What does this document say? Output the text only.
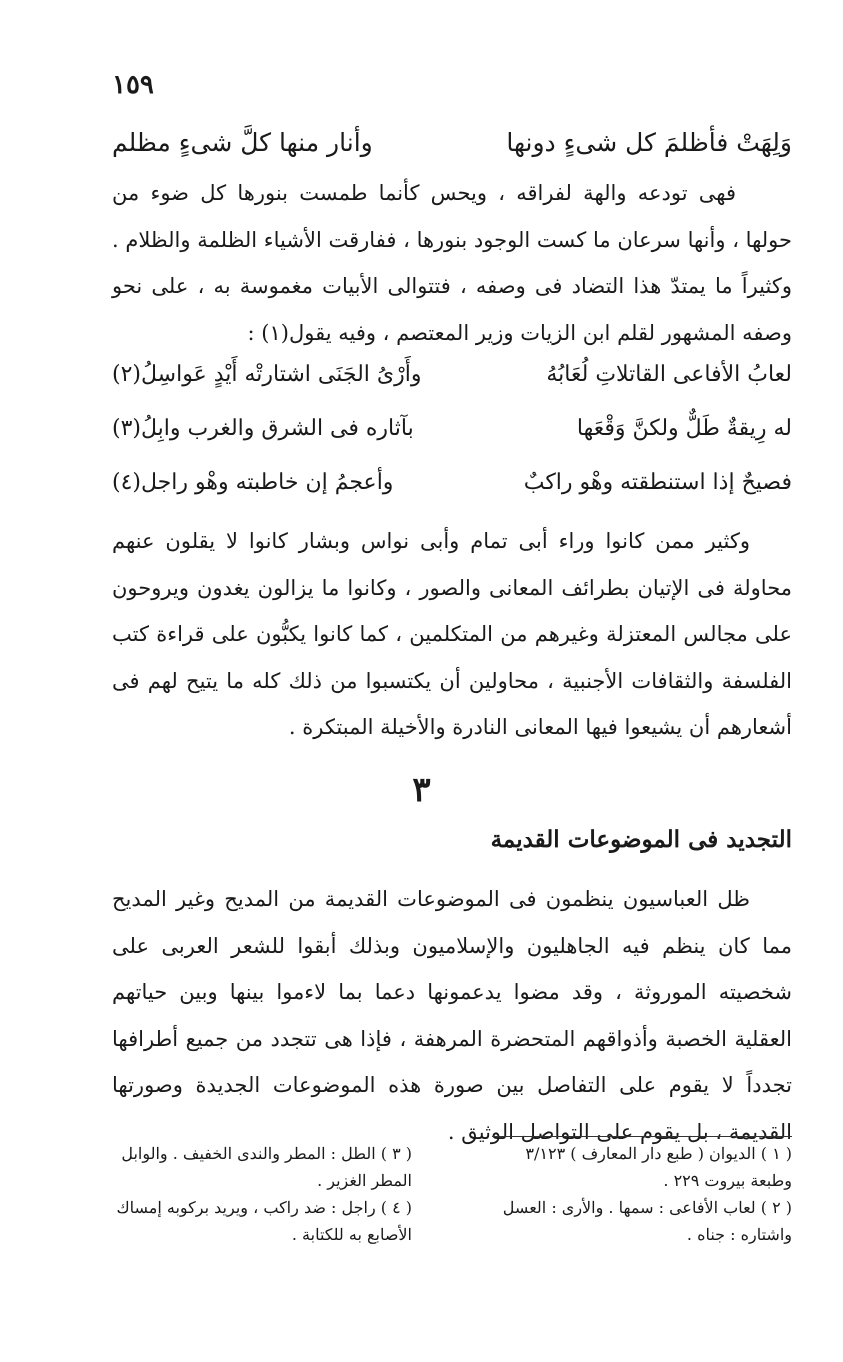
١٥٩
وَلِهَتْ فأظلمَ كل شىءٍ دونها
وأنار منها كلَّ شىءٍ مظلم
فهى تودعه والهة لفراقه ، ويحس كأنما طمست بنورها كل ضوء من حولها ، وأنها سرعان ما كست الوجود بنورها ، ففارقت الأشياء الظلمة والظلام . وكثيراً ما يمتدّ هذا التضاد فى وصفه ، فتتوالى الأبيات مغموسة به ، على نحو وصفه المشهور لقلم ابن الزيات وزير المعتصم ، وفيه يقول(١) :
لعابُ الأفاعى القاتلاتِ لُعَابُهُ
وأَرْىُ الجَنَى اشتارتْه أَيْدٍ عَواسِلُ(٢)
له رِيقةٌ طَلٌّ ولكنَّ وَقْعَها
بآثاره فى الشرق والغرب وابِلُ(٣)
فصيحٌ إذا استنطقته وهْو راكبٌ
وأعجمُ إن خاطبته وهْو راجل(٤)
وكثير ممن كانوا وراء أبى تمام وأبى نواس وبشار كانوا لا يقلون عنهم محاولة فى الإتيان بطرائف المعانى والصور ، وكانوا ما يزالون يغدون ويروحون على مجالس المعتزلة وغيرهم من المتكلمين ، كما كانوا يكبُّون على قراءة كتب الفلسفة والثقافات الأجنبية ، محاولين أن يكتسبوا من ذلك كله ما يتيح لهم فى أشعارهم أن يشيعوا فيها المعانى النادرة والأخيلة المبتكرة .
٣
التجديد فى الموضوعات القديمة
ظل العباسيون ينظمون فى الموضوعات القديمة من المديح وغير المديح مما كان ينظم فيه الجاهليون والإسلاميون وبذلك أبقوا للشعر العربى على شخصيته الموروثة ، وقد مضوا يدعمونها دعما بما لاءموا بينها وبين حياتهم العقلية الخصبة وأذواقهم المتحضرة المرهفة ، فإذا هى تتجدد من جميع أطرافها تجدداً لا يقوم على التفاصل بين صورة هذه الموضوعات الجديدة وصورتها القديمة ، بل يقوم على التواصل الوثيق .

( ١ ) الديوان ( طبع دار المعارف ) ٣/١٢٣ وطبعة بيروت ٢٢٩ .

( ٢ ) لعاب الأفاعى : سمها . والأرى : العسل واشتاره : جناه .

( ٣ ) الطل : المطر والندى الخفيف . والوابل المطر الغزير .

( ٤ ) راجل : ضد راكب ، ويريد بركوبه إمساك الأصابع به للكتابة .
